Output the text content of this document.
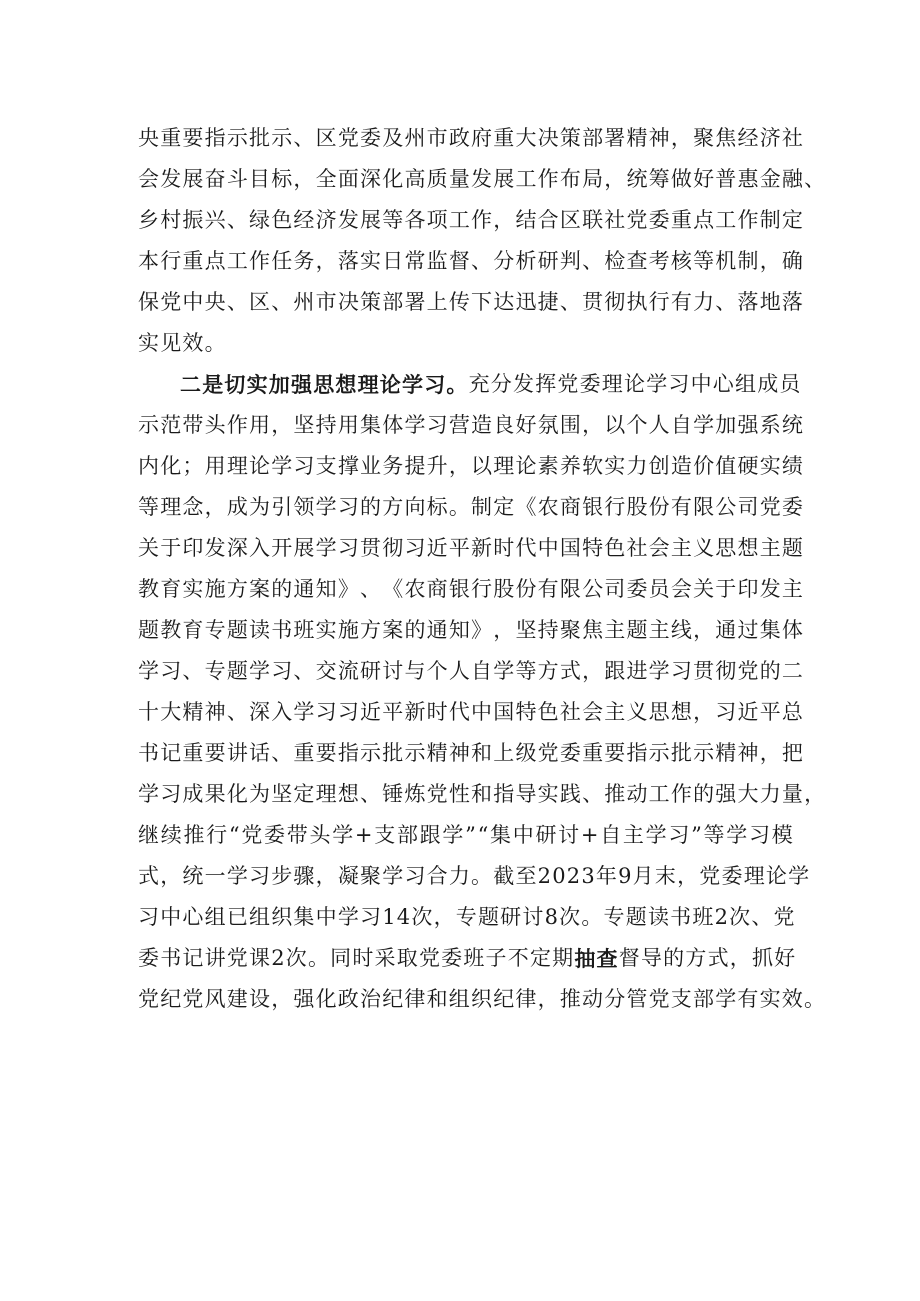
央 重 要 指 示 批 示 、 区 党 委 及 州 市 政 府 重 大 决 策 部 署 精 神 ， 聚 焦 经 济 社
会 发 展 奋 斗 目 标 ， 全 面 深 化 高 质 量 发 展 工 作 布 局 ， 统 筹 做 好 普 惠 金 融 、
乡 村 振 兴 、 绿 色 经 济 发 展 等 各 项 工 作 ， 结 合 区 联 社 党 委 重 点 工 作 制 定
本 行 重 点 工 作 任 务 ， 落 实 日 常 监 督 、 分 析 研 判 、 检 查 考 核 等 机 制 ， 确
保 党 中 央 、 区 、 州 市 决 策 部 署 上 传 下 达 迅 捷 、 贯 彻 执 行 有 力 、 落 地 落
实见效。
二是切实加强思想理论学习。 充分发挥党委理论学习中心组成员
示 范 带 头 作 用 ， 坚 持 用 集 体 学 习 营 造 良 好 氛 围 ， 以 个 人 自 学 加 强 系 统
内 化 ； 用 理 论 学 习 支 撑 业 务 提 升 ， 以 理 论 素 养 软 实 力 创 造 价 值 硬 实 绩
等 理 念 ， 成 为 引 领 学 习 的 方 向 标 。 制 定 《 农 商 银 行 股 份 有 限 公 司 党 委
关 于 印 发 深 入 开 展 学 习 贯 彻 习 近 平 新 时 代 中 国 特 色 社 会 主 义 思 想 主 题
教 育 实 施 方 案 的 通 知 》 、 《 农 商 银 行 股 份 有 限 公 司 委 员 会 关 于 印 发 主
题 教 育 专 题 读 书 班 实 施 方 案 的 通 知 》 ， 坚 持 聚 焦 主 题 主 线 ， 通 过 集 体
学 习 、 专 题 学 习 、 交 流 研 讨 与 个 人 自 学 等 方 式 ， 跟 进 学 习 贯 彻 党 的 二
十 大 精 神 、 深 入 学 习 习 近 平 新 时 代 中 国 特 色 社 会 主 义 思 想 ， 习 近 平 总
书 记 重 要 讲 话 、 重 要 指 示 批 示 精 神 和 上 级 党 委 重 要 指 示 批 示 精 神 ， 把
学 习 成 果 化 为 坚 定 理 想 、 锤 炼 党 性 和 指 导 实 践 、 推 动 工 作 的 强 大 力 量 ，
继 续 推 行 “ 党 委 带 头 学 + 支 部 跟 学 ” “ 集 中 研 讨 + 自 主 学 习 ” 等 学 习 模
式 ， 统 一 学 习 步 骤 ， 凝 聚 学 习 合 力 。 截 至 2 0 2 3 年 9 月 末 ， 党 委 理 论 学
习 中 心 组 已 组 织 集 中 学 习 1 4 次 ， 专 题 研 讨 8 次 。 专 题 读 书 班 2 次 、 党
委书记讲党课2次。同时采取党委班子不定期 抽查 督导的方式，抓好
党纪党风建设，强化政治纪律和组织纪律，推动分管党支部学有实效。
